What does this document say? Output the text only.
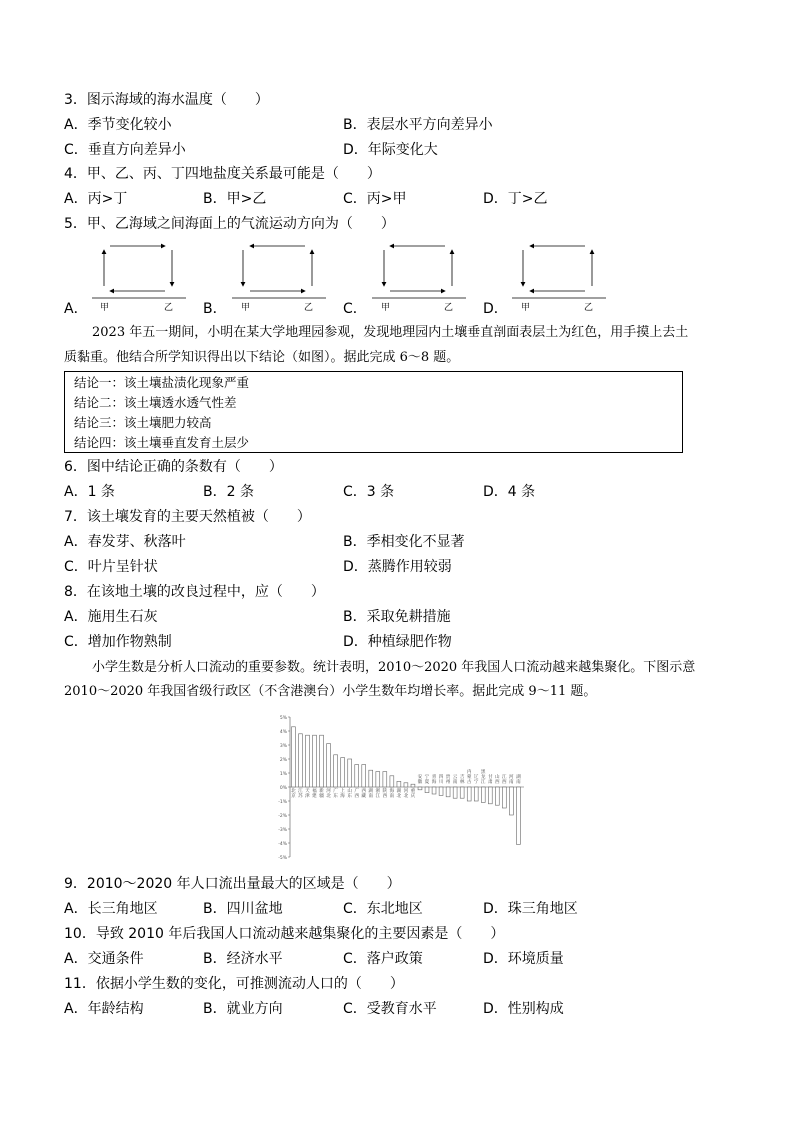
3．图示海域的海水温度（　　）
A．季节变化较小	B．表层水平方向差异小
C．垂直方向差异小	D．年际变化大
4．甲、乙、丙、丁四地盐度关系最可能是（　　）
A．丙>丁	B．甲>乙	C．丙>甲	D．丁>乙
5．甲、乙海域之间海面上的气流运动方向为（　　）
A．	B．	C．	D．
甲	乙	甲	乙	甲	乙	甲	乙
2023 年五一期间，小明在某大学地理园参观，发现地理园内土壤垂直剖面表层土为红色，用手摸上去土
质黏重。他结合所学知识得出以下结论（如图）。据此完成 6～8 题。
结论一：该土壤盐渍化现象严重
结论二：该土壤透水透气性差
结论三：该土壤肥力较高
结论四：该土壤垂直发育土层少
6．图中结论正确的条数有（　　）
A．1 条	B．2 条	C．3 条	D．4 条
7．该土壤发育的主要天然植被（　　）
A．春发芽、秋落叶	B．季相变化不显著
C．叶片呈针状	D．蒸腾作用较弱
8．在该地土壤的改良过程中，应（　　）
A．施用生石灰	B．采取免耕措施
C．增加作物熟制	D．种植绿肥作物
小学生数是分析人口流动的重要参数。统计表明，2010～2020 年我国人口流动越来越集聚化。下图示意
2010～2020 年我国省级行政区（不含港澳台）小学生数年均增长率。据此完成 9～11 题。
5%
4%
3%
2%
1%
0%
-1%
-2%
-3%
-4%
-5%
北
京
江
苏
天
津
福
建
新
疆
河
北
广
东
上
海
山
东
广
西
西
藏
湖
南
浙
江
陕
西
海
南
湖
北
河
北
重
庆
安
徽
宁
夏
青
海
四
川
贵
州
云
南
吉
林
内
蒙
古
辽
宁
黑
龙
江
甘
肃
山
西
江
西
河
南
湖
南
9．2010～2020 年人口流出量最大的区域是（　　）
A．长三角地区	B．四川盆地	C．东北地区	D．珠三角地区
10．导致 2010 年后我国人口流动越来越集聚化的主要因素是（　　）
A．交通条件	B．经济水平	C．落户政策	D．环境质量
11．依据小学生数的变化，可推测流动人口的（　　）
A．年龄结构	B．就业方向	C．受教育水平	D．性别构成
